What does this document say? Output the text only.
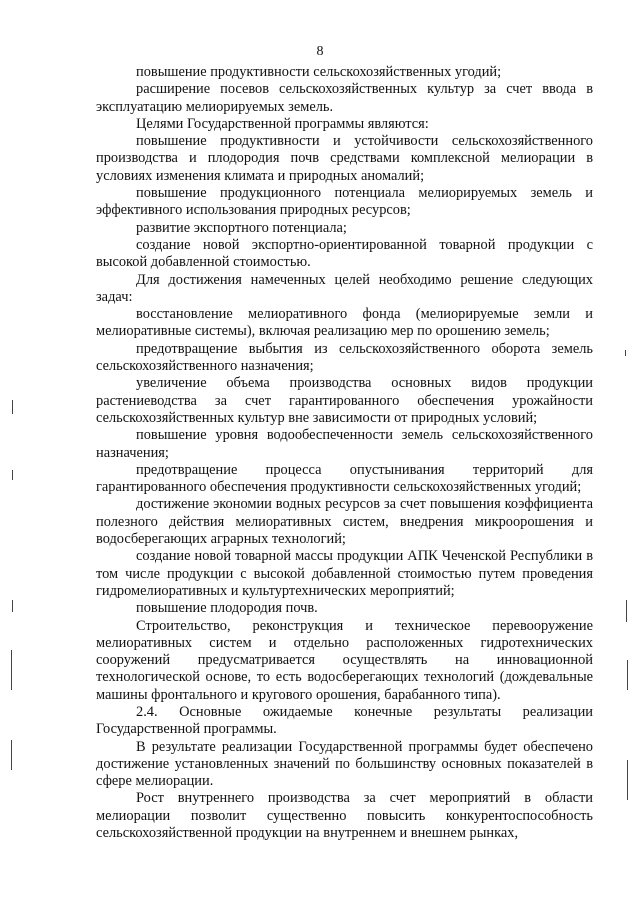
8

повышение продуктивности сельскохозяйственных угодий;

расширение посевов сельскохозяйственных культур за счет ввода в эксплуатацию мелиорируемых земель.

Целями Государственной программы являются:

повышение продуктивности и устойчивости сельскохозяйственного производства и плодородия почв средствами комплексной мелиорации в условиях изменения климата и природных аномалий;

повышение продукционного потенциала мелиорируемых земель и эффективного использования природных ресурсов;

развитие экспортного потенциала;

создание новой экспортно-ориентированной товарной продукции с высокой добавленной стоимостью.

Для достижения намеченных целей необходимо решение следующих задач:

восстановление мелиоративного фонда (мелиорируемые земли и мелиоративные системы), включая реализацию мер по орошению земель;

предотвращение выбытия из сельскохозяйственного оборота земель сельскохозяйственного назначения;

увеличение объема производства основных видов продукции растениеводства за счет гарантированного обеспечения урожайности сельскохозяйственных культур вне зависимости от природных условий;

повышение уровня водообеспеченности земель сельскохозяйственного назначения;

предотвращение процесса опустынивания территорий для гарантированного обеспечения продуктивности сельскохозяйственных угодий;

достижение экономии водных ресурсов за счет повышения коэффициента полезного действия мелиоративных систем, внедрения микроорошения и водосберегающих аграрных технологий;

создание новой товарной массы продукции АПК Чеченской Республики в том числе продукции с высокой добавленной стоимостью путем проведения гидромелиоративных и культуртехнических мероприятий;

повышение плодородия почв.

Строительство, реконструкция и техническое перевооружение мелиоративных систем и отдельно расположенных гидротехнических сооружений предусматривается осуществлять на инновационной технологической основе, то есть водосберегающих технологий (дождевальные машины фронтального и кругового орошения, барабанного типа).

2.4. Основные ожидаемые конечные результаты реализации Государственной программы.

В результате реализации Государственной программы будет обеспечено достижение установленных значений по большинству основных показателей в сфере мелиорации.

Рост внутреннего производства за счет мероприятий в области мелиорации позволит существенно повысить конкурентоспособность сельскохозяйственной продукции на внутреннем и внешнем рынках,
